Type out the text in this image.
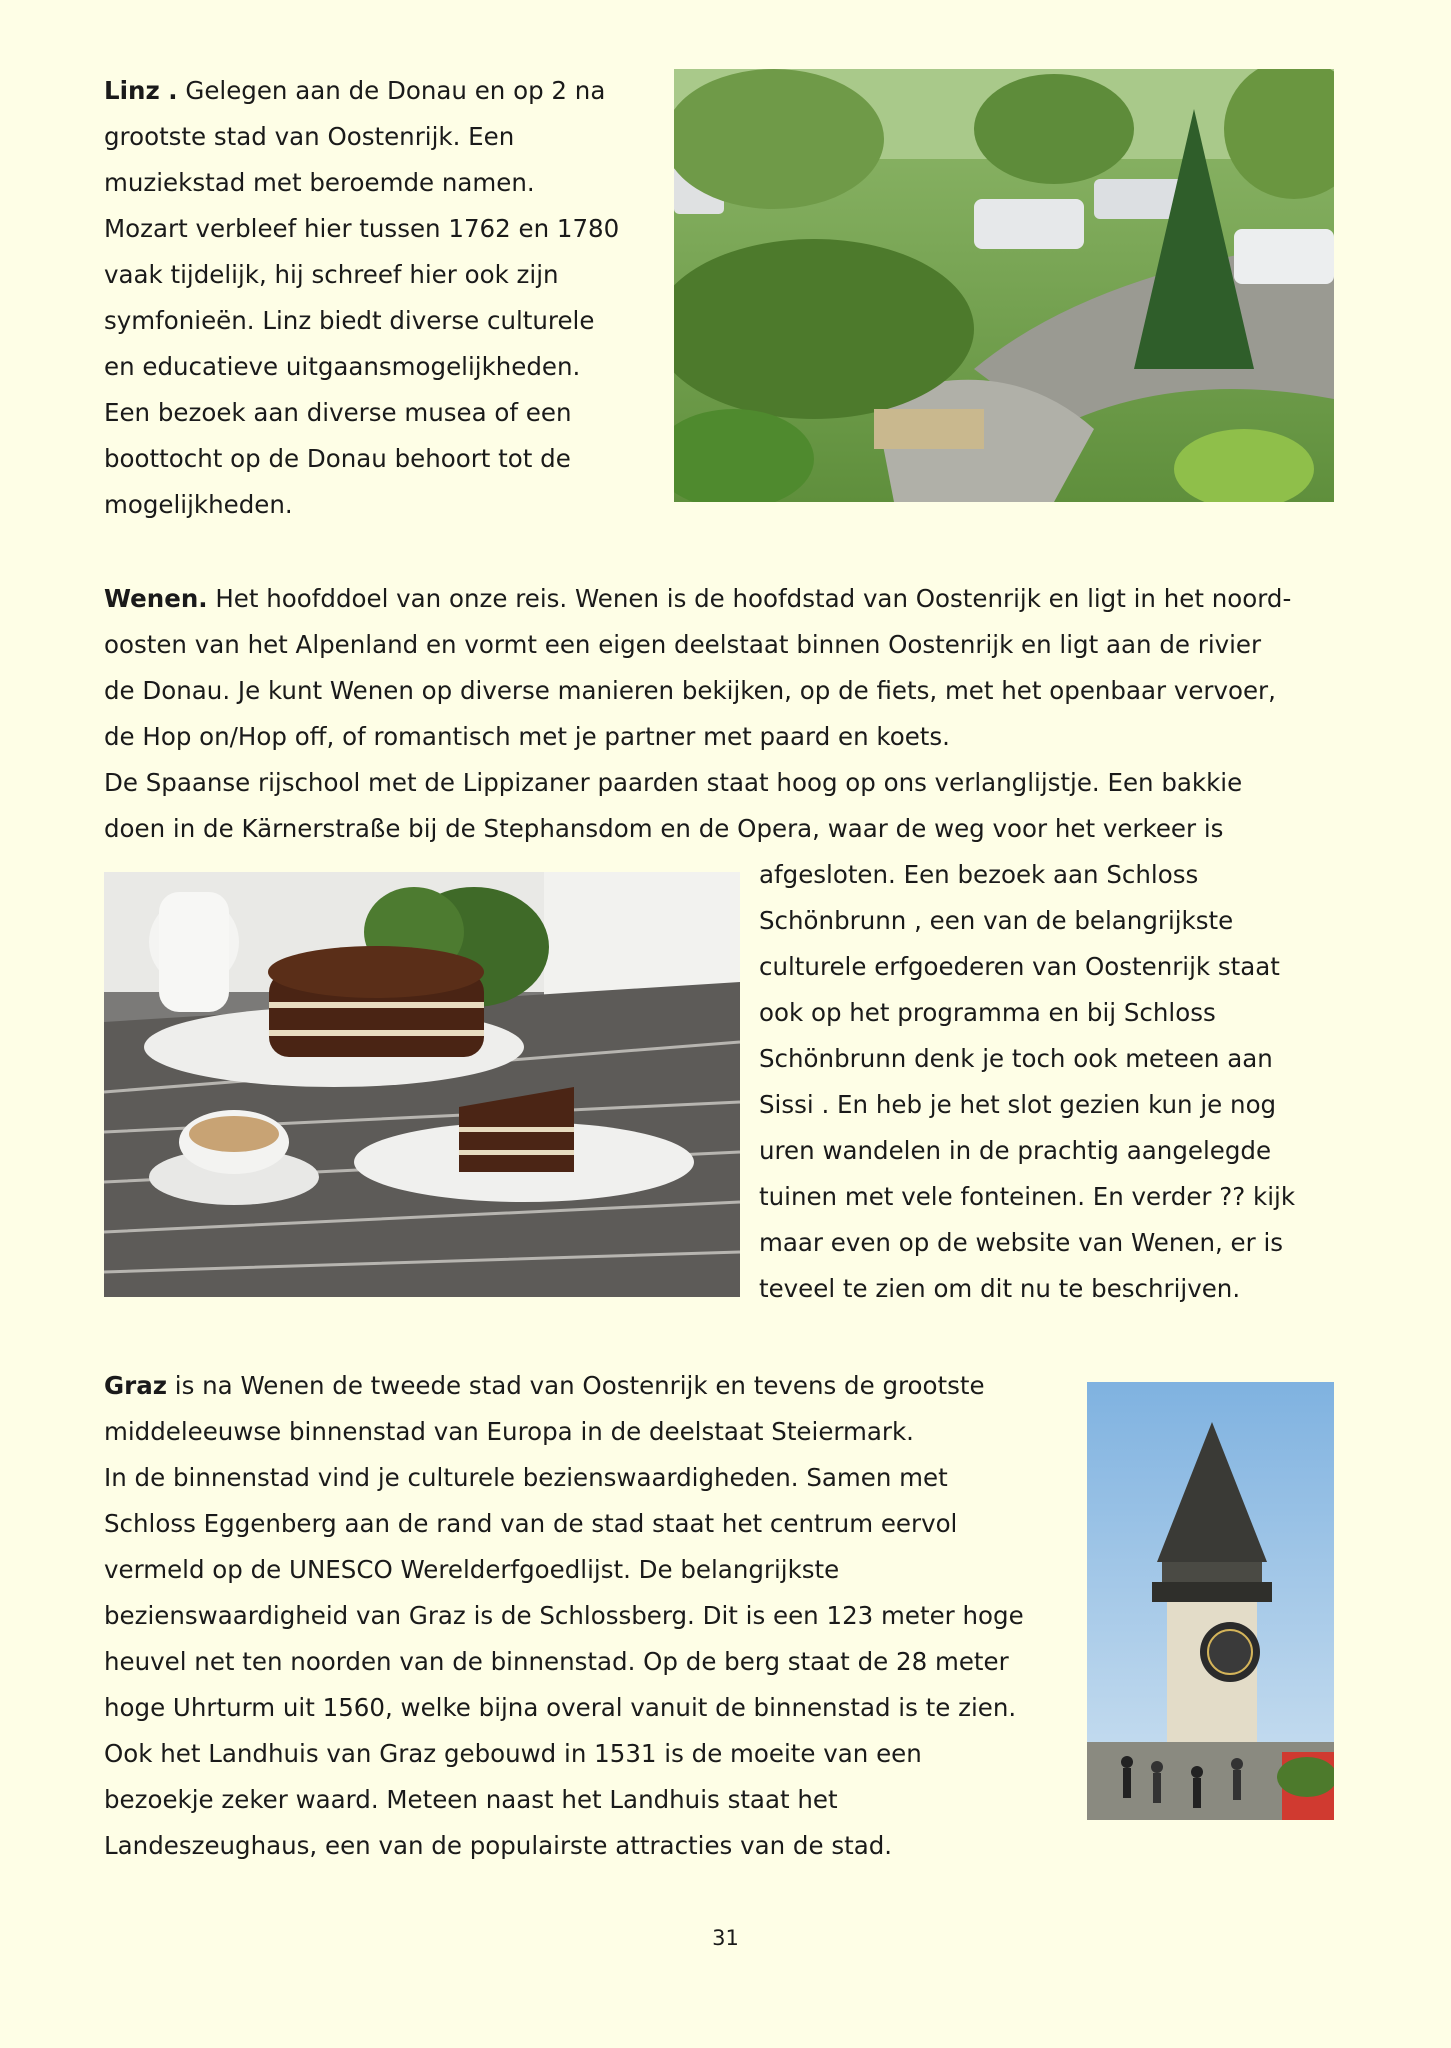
Linz . Gelegen aan de Donau en op 2 na

grootste stad van Oostenrijk. Een

muziekstad met beroemde namen.

Mozart verbleef hier tussen 1762 en 1780

vaak tijdelijk, hij schreef hier ook zijn

symfonieën. Linz biedt diverse culturele

en educatieve uitgaansmogelijkheden.

Een bezoek aan diverse musea of een

boottocht op de Donau behoort tot de

mogelijkheden.

Wenen. Het hoofddoel van onze reis. Wenen is de hoofdstad van Oostenrijk en ligt in het noord-

oosten van het Alpenland en vormt een eigen deelstaat binnen Oostenrijk en ligt aan de rivier

de Donau. Je kunt Wenen op diverse manieren bekijken, op de fiets, met het openbaar vervoer,

de Hop on/Hop off, of romantisch met je partner met paard en koets.

De Spaanse rijschool met de Lippizaner paarden staat hoog op ons verlanglijstje. Een bakkie

doen in de Kärnerstraße bij de Stephansdom en de Opera, waar de weg voor het verkeer is

afgesloten. Een bezoek aan Schloss

Schönbrunn , een van de belangrijkste

culturele erfgoederen van Oostenrijk staat

ook op het programma en bij Schloss

Schönbrunn denk je toch ook meteen aan

Sissi . En heb je het slot gezien kun je nog

uren wandelen in de prachtig aangelegde

tuinen met vele fonteinen. En verder ?? kijk

maar even op de website van Wenen, er is

teveel te zien om dit nu te beschrijven.

Graz is na Wenen de tweede stad van Oostenrijk en tevens de grootste

middeleeuwse binnenstad van Europa in de deelstaat Steiermark.

In de binnenstad vind je culturele bezienswaardigheden. Samen met

Schloss Eggenberg aan de rand van de stad staat het centrum eervol

vermeld op de UNESCO Werelderfgoedlijst. De belangrijkste

bezienswaardigheid van Graz is de Schlossberg. Dit is een 123 meter hoge

heuvel net ten noorden van de binnenstad. Op de berg staat de 28 meter

hoge Uhrturm uit 1560, welke bijna overal vanuit de binnenstad is te zien.

Ook het Landhuis van Graz gebouwd in 1531 is de moeite van een

bezoekje zeker waard. Meteen naast het Landhuis staat het

Landeszeughaus, een van de populairste attracties van de stad.

31
